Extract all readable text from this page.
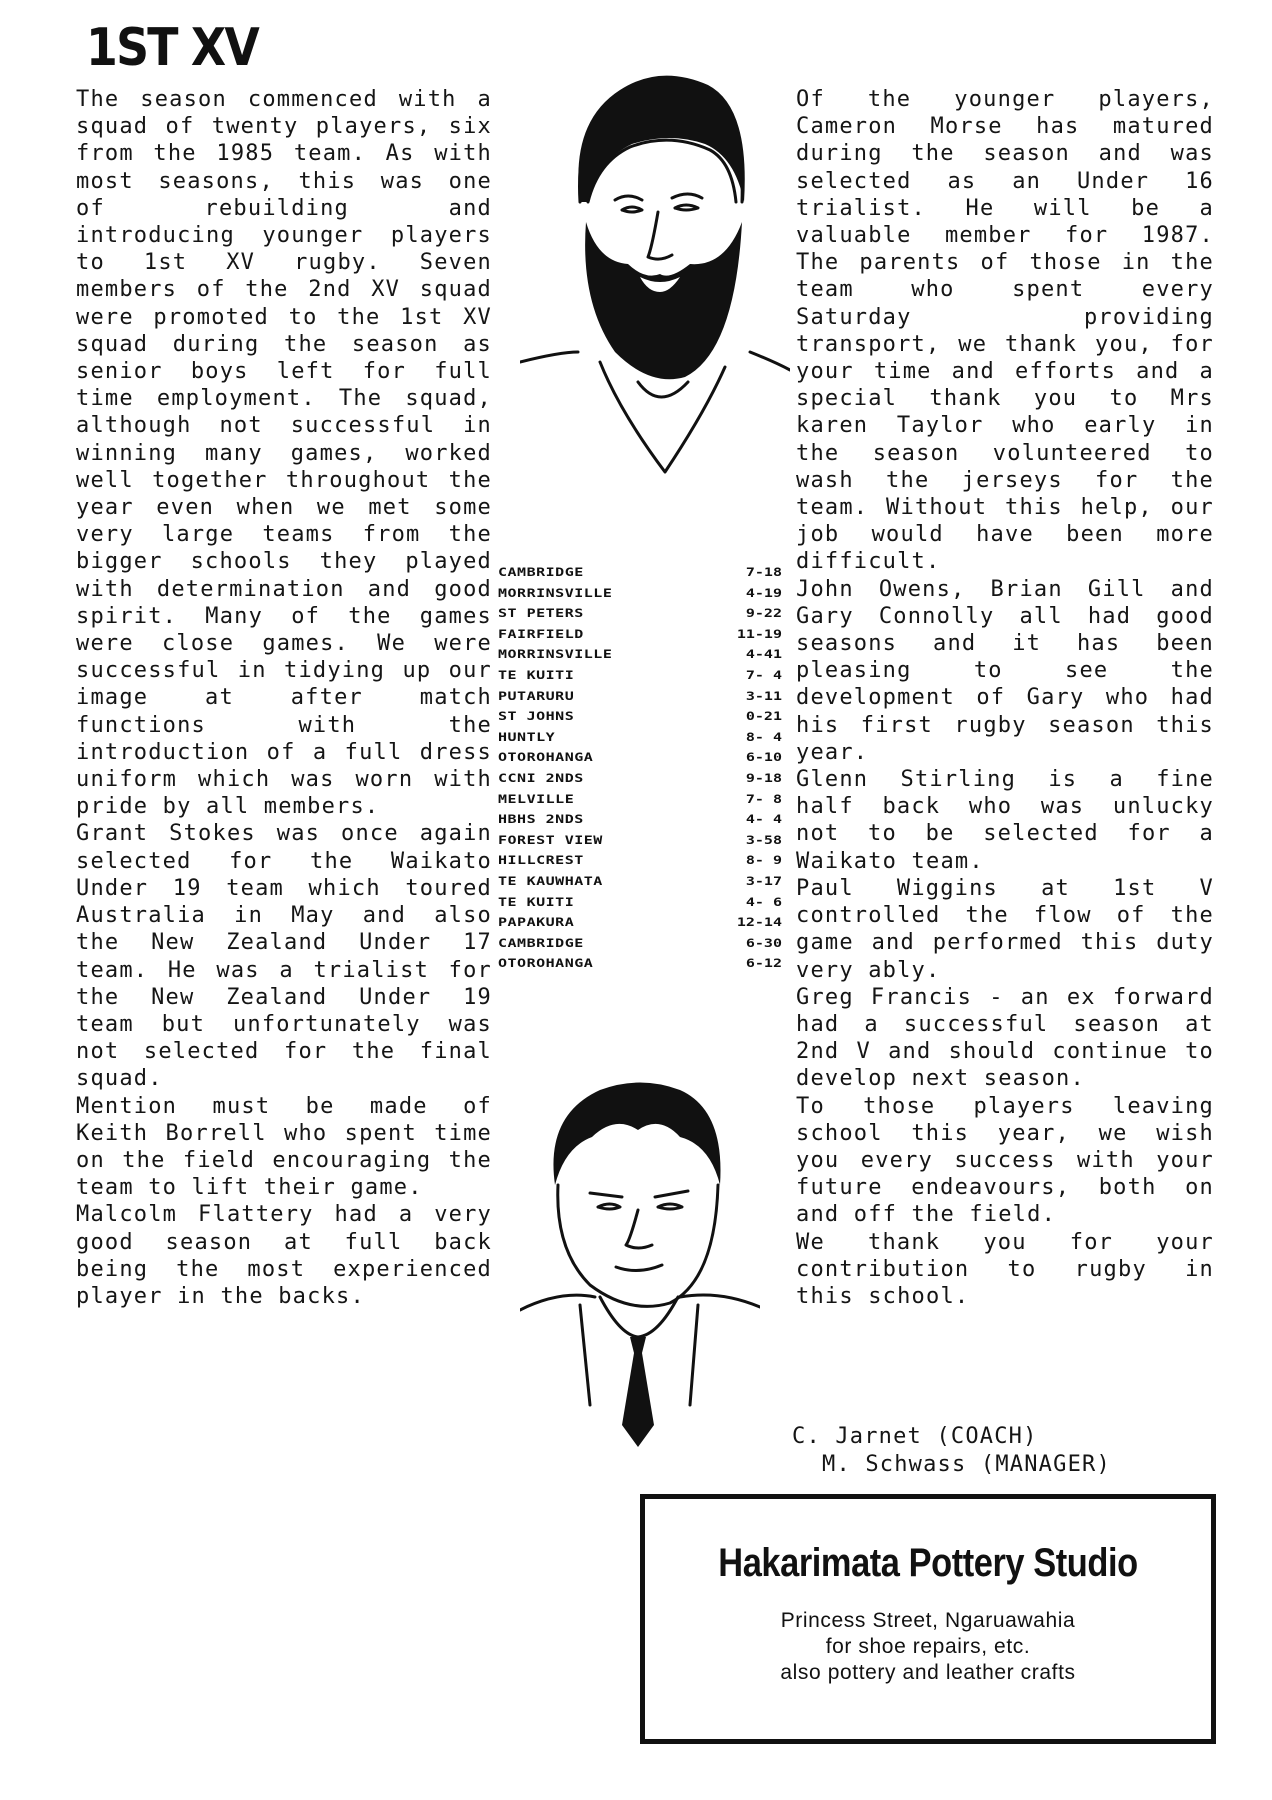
1ST XV

The season commenced with a squad of twenty players, six from the 1985 team. As with most seasons, this was one of rebuilding and introducing younger players to 1st XV rugby. Seven members of the 2nd XV squad were promoted to the 1st XV squad during the season as senior boys left for full time employment. The squad, although not successful in winning many games, worked well together throughout the year even when we met some very large teams from the bigger schools they played with determination and good spirit. Many of the games were close games. We were successful in tidying up our image at after match functions with the introduction of a full dress uniform which was worn with pride by all members.

Grant Stokes was once again selected for the Waikato Under 19 team which toured Australia in May and also the New Zealand Under 17 team. He was a trialist for the New Zealand Under 19 team but unfortunately was not selected for the final squad.

Mention must be made of Keith Borrell who spent time on the field encouraging the team to lift their game.

Malcolm Flattery had a very good season at full back being the most experienced player in the backs.

CAMBRIDGE	7-18
MORRINSVILLE	4-19
ST PETERS	9-22
FAIRFIELD	11-19
MORRINSVILLE	4-41
TE KUITI	7- 4
PUTARURU	3-11
ST JOHNS	0-21
HUNTLY	8- 4
OTOROHANGA	6-10
CCNI 2NDS	9-18
MELVILLE	7- 8
HBHS 2NDS	4- 4
FOREST VIEW	3-58
HILLCREST	8- 9
TE KAUWHATA	3-17
TE KUITI	4- 6
PAPAKURA	12-14
CAMBRIDGE	6-30
OTOROHANGA	6-12

Of the younger players, Cameron Morse has matured during the season and was selected as an Under 16 trialist. He will be a valuable member for 1987. The parents of those in the team who spent every Saturday providing transport, we thank you, for your time and efforts and a special thank you to Mrs karen Taylor who early in the season volunteered to wash the jerseys for the team. Without this help, our job would have been more difficult.

John Owens, Brian Gill and Gary Connolly all had good seasons and it has been pleasing to see the development of Gary who had his first rugby season this year.

Glenn Stirling is a fine half back who was unlucky not to be selected for a Waikato team.

Paul Wiggins at 1st V controlled the flow of the game and performed this duty very ably.

Greg Francis - an ex forward had a successful season at 2nd V and should continue to develop next season.

To those players leaving school this year, we wish you every success with your future endeavours, both on and off the field.

We thank you for your contribution to rugby in this school.

C. Jarnet (COACH)
M. Schwass (MANAGER)
Hakarimata Pottery Studio
Princess Street, Ngaruawahia
for shoe repairs, etc.
also pottery and leather crafts
